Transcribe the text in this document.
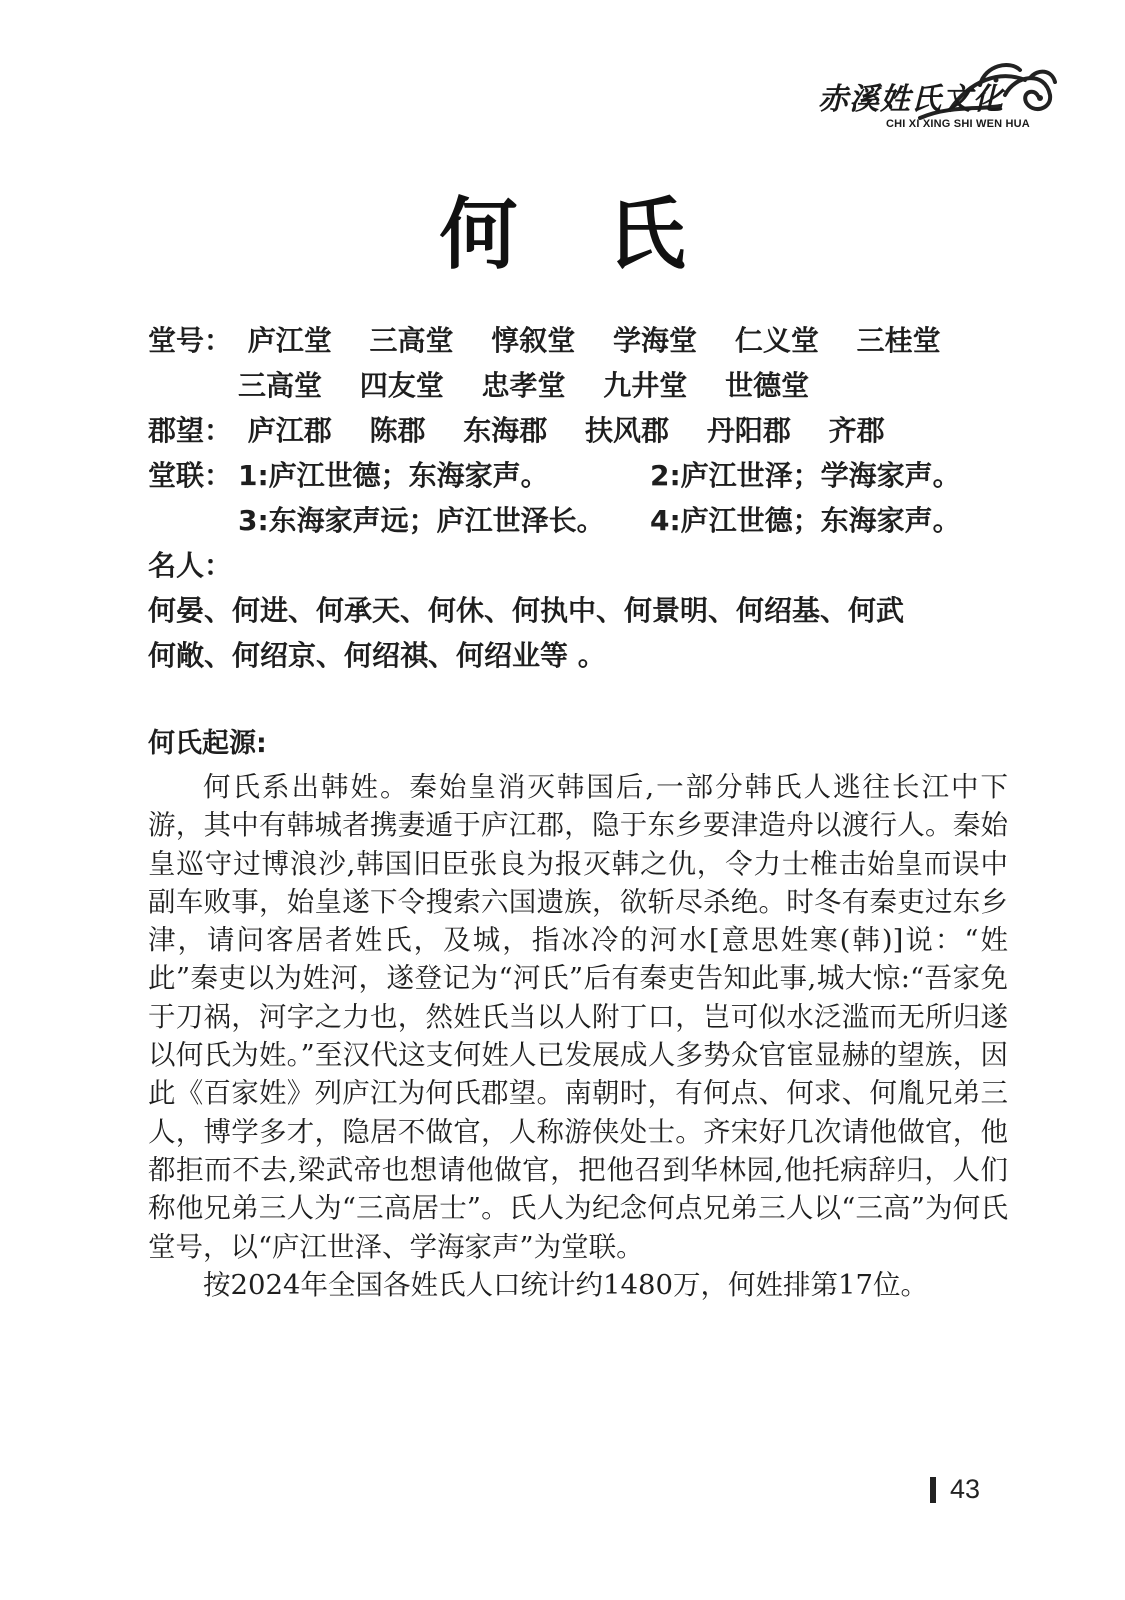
赤溪姓氏文化
CHI XI XING SHI WEN HUA
何氏
堂号： 庐江堂 三高堂 惇叙堂 学海堂 仁义堂 三桂堂
三高堂 四友堂 忠孝堂 九井堂 世德堂
郡望： 庐江郡 陈郡 东海郡 扶风郡 丹阳郡 齐郡
堂联： 1:庐江世德；东海家声。	2:庐江世泽；学海家声。
3:东海家声远；庐江世泽长。 4:庐江世德；东海家声。
名人：
何晏、何进、何承天、何休、何执中、何景明、何绍基、何武
何敞、何绍京、何绍祺、何绍业等 。
何氏起源:

何氏系出韩姓。秦始皇消灭韩国后,一部分韩氏人逃往长江中下游，其中有韩城者携妻遁于庐江郡，隐于东乡要津造舟以渡行人。秦始皇巡守过博浪沙,韩国旧臣张良为报灭韩之仇，令力士椎击始皇而误中副车败事，始皇遂下令搜索六国遗族，欲斩尽杀绝。时冬有秦吏过东乡津，请问客居者姓氏，及城，指冰冷的河水[意思姓寒(韩)]说：“姓此”秦吏以为姓河，遂登记为“河氏”后有秦吏告知此事,城大惊:“吾家免于刀祸，河字之力也，然姓氏当以人附丁口，岂可似水泛滥而无所归遂以何氏为姓。”至汉代这支何姓人已发展成人多势众官宦显赫的望族，因此《百家姓》列庐江为何氏郡望。南朝时，有何点、何求、何胤兄弟三人，博学多才，隐居不做官，人称游侠处士。齐宋好几次请他做官，他都拒而不去,梁武帝也想请他做官，把他召到华林园,他托病辞归，人们称他兄弟三人为“三高居士”。氏人为纪念何点兄弟三人以“三高”为何氏堂号，以“庐江世泽、学海家声”为堂联。

按2024年全国各姓氏人口统计约1480万，何姓排第17位。

43
